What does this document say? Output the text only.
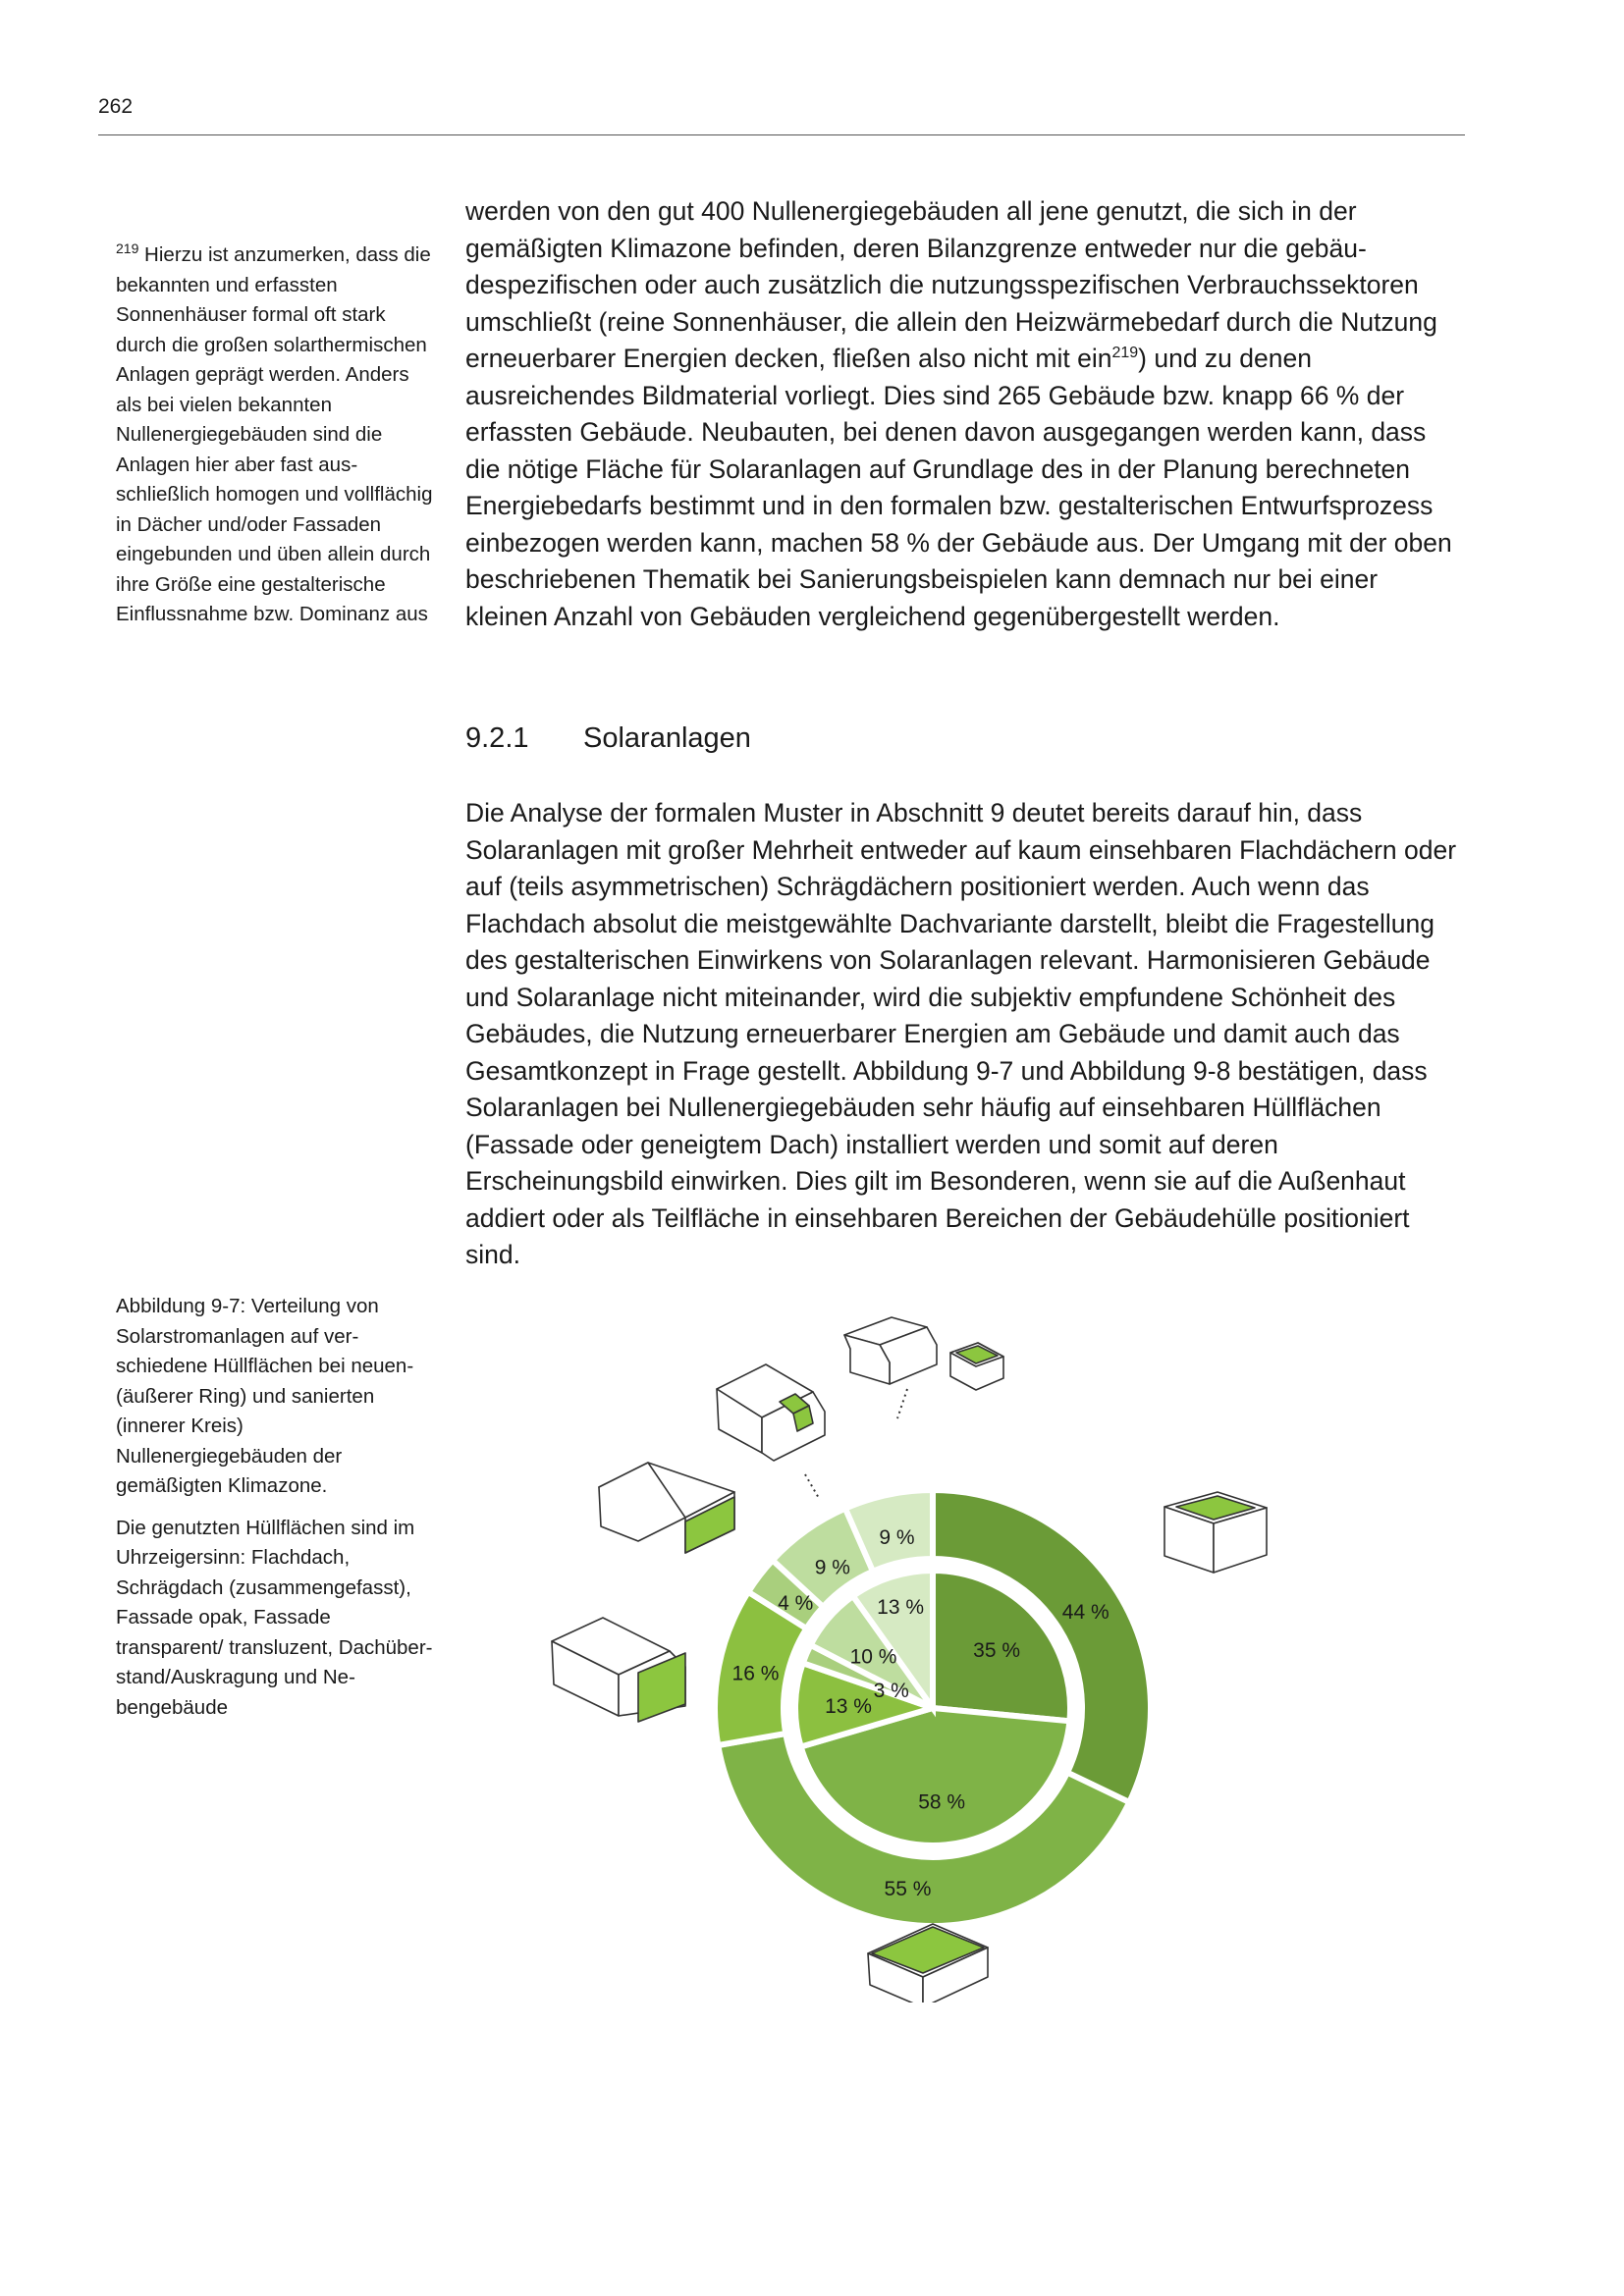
262

$^{219}$ Hierzu ist anzumerken, dass die bekannten und erfassten Sonnenhäuser formal oft stark durch die großen solarthermischen Anlagen geprägt werden. Anders als bei vielen bekannten Nullenergiegebäuden sind die Anlagen hier aber fast ausschließlich homogen und vollflächig in Dächer und/oder Fassaden eingebunden und üben allein durch ihre Größe eine gestalterische Einflussnahme bzw. Dominanz aus

werden von den gut 400 Nullenergiegebäuden all jene genutzt, die sich in der gemäßigten Klimazone befinden, deren Bilanzgrenze entweder nur die gebäudespezifischen oder auch zusätzlich die nutzungsspezifischen Verbrauchssektoren umschließt (reine Sonnenhäuser, die allein den Heizwärmebedarf durch die Nutzung erneuerbarer Energien decken, fließen also nicht mit ein$^{219}$) und zu denen ausreichendes Bildmaterial vorliegt. Dies sind 265 Gebäude bzw. knapp 66 % der erfassten Gebäude. Neubauten, bei denen davon ausgegangen werden kann, dass die nötige Fläche für Solaranlagen auf Grundlage des in der Planung berechneten Energiebedarfs bestimmt und in den formalen bzw. gestalterischen Entwurfsprozess einbezogen werden kann, machen 58 % der Gebäude aus. Der Umgang mit der oben beschriebenen Thematik bei Sanierungsbeispielen kann demnach nur bei einer kleinen Anzahl von Gebäuden vergleichend gegenübergestellt werden.

9.2.1 Solaranlagen

Die Analyse der formalen Muster in Abschnitt 9 deutet bereits darauf hin, dass Solaranlagen mit großer Mehrheit entweder auf kaum einsehbaren Flachdächern oder auf (teils asymmetrischen) Schrägdächern positioniert werden. Auch wenn das Flachdach absolut die meistgewählte Dachvariante darstellt, bleibt die Fragestellung des gestalterischen Einwirkens von Solaranlagen relevant. Harmonisieren Gebäude und Solaranlage nicht miteinander, wird die subjektiv empfundene Schönheit des Gebäudes, die Nutzung erneuerbarer Energien am Gebäude und damit auch das Gesamtkonzept in Frage gestellt. Abbildung 9-7 und Abbildung 9-8 bestätigen, dass Solaranlagen bei Nullenergiegebäuden sehr häufig auf einsehbaren Hüllflächen (Fassade oder geneigtem Dach) installiert werden und somit auf deren Erscheinungsbild einwirken. Dies gilt im Besonderen, wenn sie auf die Außenhaut addiert oder als Teilfläche in einsehbaren Bereichen der Gebäudehülle positioniert sind.

Abbildung 9-7: Verteilung von Solarstromanlagen auf verschiedene Hüllflächen bei neuen- (äußerer Ring) und sanierten (innerer Kreis) Nullenergiegebäuden der gemäßigten Klimazone.

Die genutzten Hüllflächen sind im Uhrzeigersinn: Flachdach, Schrägdach (zusammengefasst), Fassade opak, Fassade transparent/ transluzent, Dachüberstand/Auskragung und Nebengebäude

44 %
55 %
16 %
4 %
9 %
9 %
35 %
58 %
13 %
3 %
10 %
13 %
